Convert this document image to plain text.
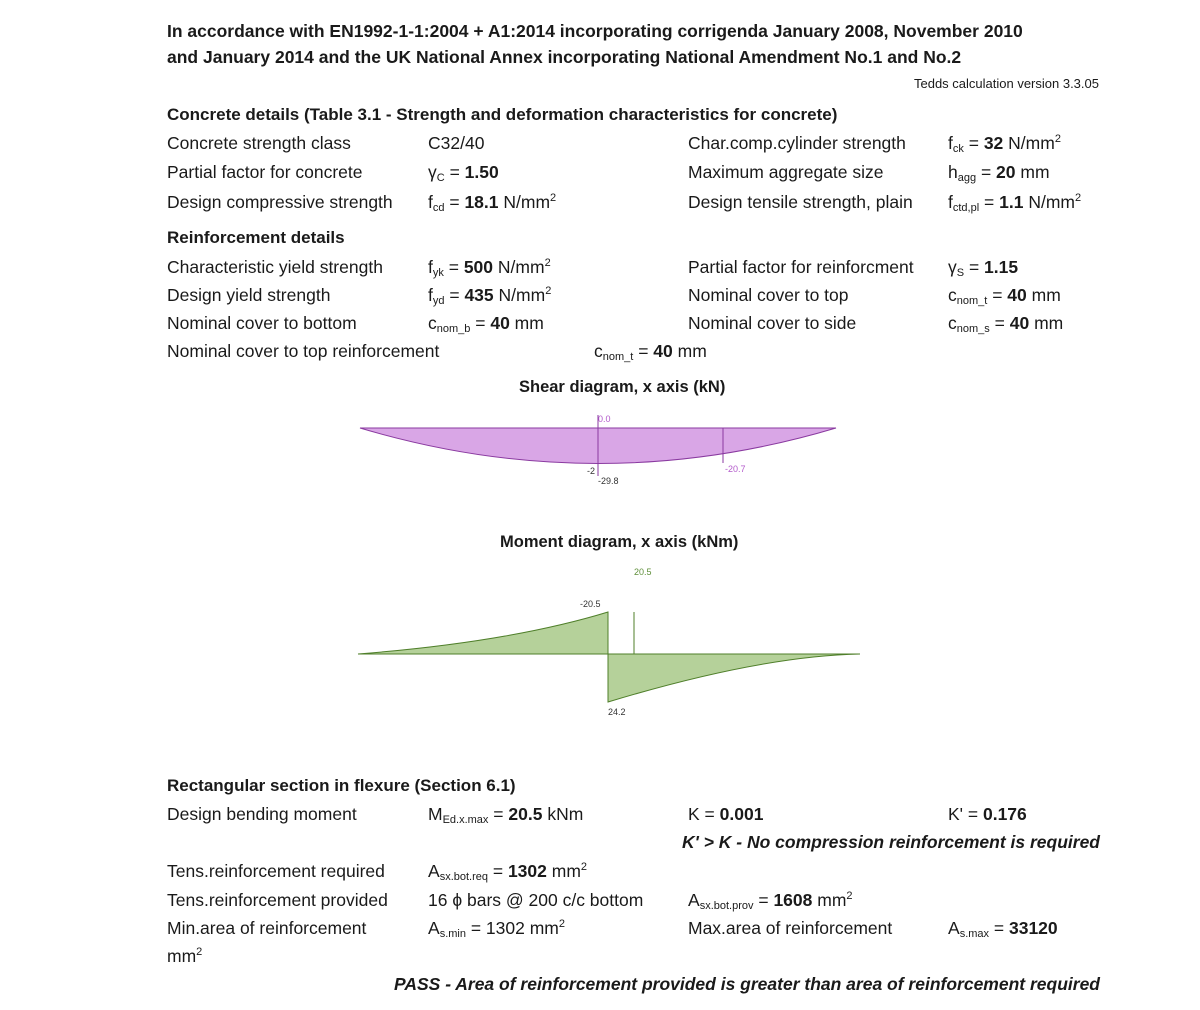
In accordance with EN1992-1-1:2004 + A1:2014 incorporating corrigenda January 2008, November 2010
and January 2014 and the UK National Annex incorporating National Amendment No.1 and No.2
Tedds calculation version 3.3.05
Concrete details (Table 3.1 - Strength and deformation characteristics for concrete)
Concrete strength class	C32/40	Char.comp.cylinder strength $f_{ck} = 32$ $N/mm^2$
Partial factor for concrete	$\gamma_C = 1.50$	Maximum aggregate size	$h_{agg} = 20$ mm
Design compressive strength $f_{cd} = 18.1$ $N/mm^2$	Design tensile strength, plain $f_{ctd,pl} = 1.1$ $N/mm^2$
Reinforcement details
Characteristic yield strength	$f_{yk} = 500$ $N/mm^2$	Partial factor for reinforcment $\gamma_S = 1.15$
Design yield strength	$f_{yd} = 435$ $N/mm^2$	Nominal cover to top	$c_{nom\_t} = 40$ mm
Nominal cover to bottom	$c_{nom\_b} = 40$ mm	Nominal cover to side	$c_{nom\_s} = 40$ mm
Nominal cover to top reinforcement	$c_{nom\_t} = 40$ mm
Shear diagram, x axis (kN)
0.0
-2
-29.8
-20.7
Moment diagram, x axis (kNm)
20.5
-20.5
24.2
Rectangular section in flexure (Section 6.1)
Design bending moment	$M_{Ed.x.max} = 20.5$ kNm	K = 0.001	K' = 0.176
K' > K - No compression reinforcement is required
Tens.reinforcement required $A_{sx.bot.req} = 1302$ $mm^2$
Tens.reinforcement provided 16 ϕ bars @ 200 c/c bottom	$A_{sx.bot.prov} = 1608$ $mm^2$
Min.area of reinforcement	$A_{s.min} = 1302$ $mm^2$	Max.area of reinforcement	$A_{s.max} = 33120$
$mm^2$
PASS - Area of reinforcement provided is greater than area of reinforcement required
